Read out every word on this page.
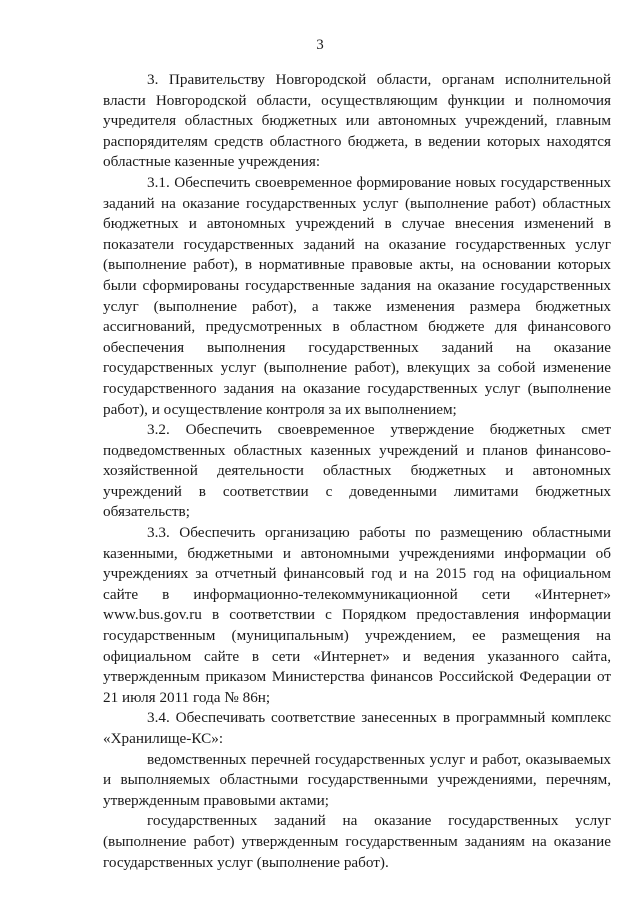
3

3. Правительству Новгородской области, органам исполнительной власти Новгородской области, осуществляющим функции и полномочия учредителя областных бюджетных или автономных учреждений, главным распорядителям средств областного бюджета, в ведении которых находятся областные казенные учреждения:

3.1. Обеспечить своевременное формирование новых государственных заданий на оказание государственных услуг (выполнение работ) областных бюджетных и автономных учреждений в случае внесения изменений в показатели государственных заданий на оказание государственных услуг (выполнение работ), в нормативные правовые акты, на основании которых были сформированы государственные задания на оказание государственных услуг (выполнение работ), а также изменения размера бюджетных ассигнований, предусмотренных в областном бюджете для финансового обеспечения выполнения государственных заданий на оказание государственных услуг (выполнение работ), влекущих за собой изменение государственного задания на оказание государственных услуг (выполнение работ), и осуществление контроля за их выполнением;

3.2. Обеспечить своевременное утверждение бюджетных смет подведомственных областных казенных учреждений и планов финансово-хозяйственной деятельности областных бюджетных и автономных учреждений в соответствии с доведенными лимитами бюджетных обязательств;

3.3. Обеспечить организацию работы по размещению областными казенными, бюджетными и автономными учреждениями информации об учреждениях за отчетный финансовый год и на 2015 год на официальном сайте в информационно-телекоммуникационной сети «Интернет» www.bus.gov.ru в соответствии с Порядком предоставления информации государственным (муниципальным) учреждением, ее размещения на официальном сайте в сети «Интернет» и ведения указанного сайта, утвержденным приказом Министерства финансов Российской Федерации от 21 июля 2011 года № 86н;

3.4. Обеспечивать соответствие занесенных в программный комплекс «Хранилище-КС»:

ведомственных перечней государственных услуг и работ, оказываемых и выполняемых областными государственными учреждениями, перечням, утвержденным правовыми актами;

государственных заданий на оказание государственных услуг (выполнение работ) утвержденным государственным заданиям на оказание государственных услуг (выполнение работ).
